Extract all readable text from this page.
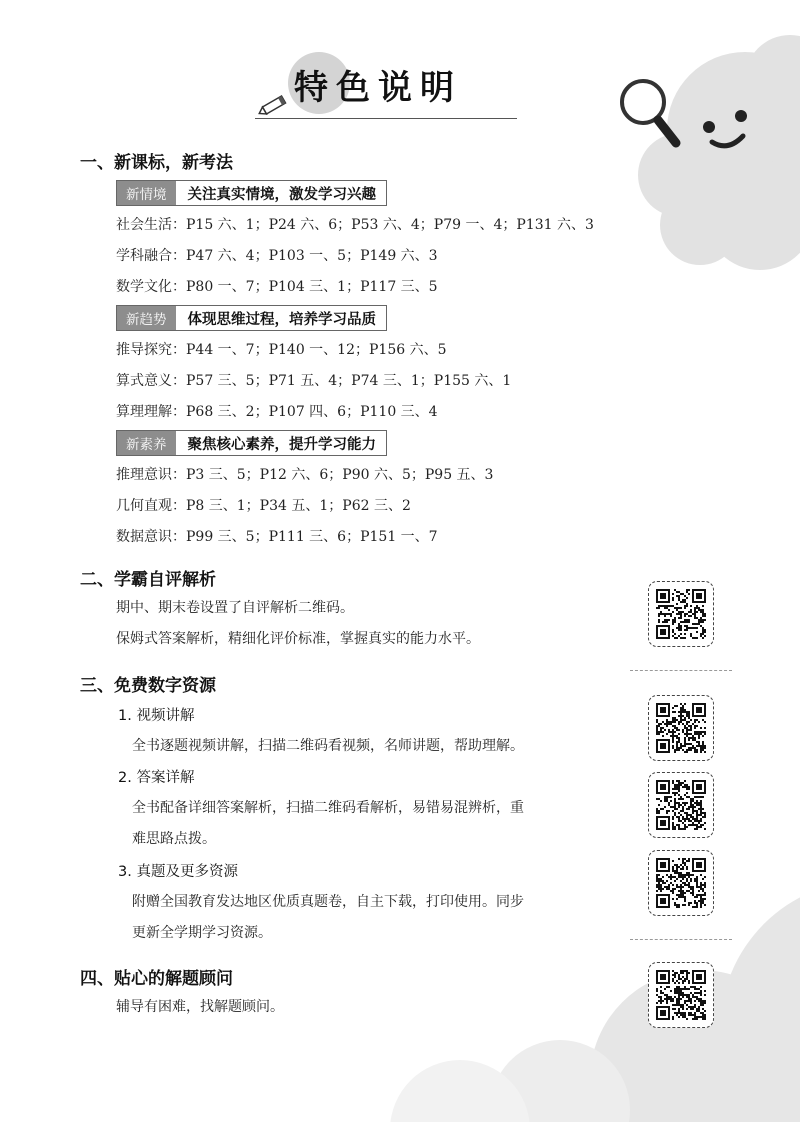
特色说明
一、新课标，新考法
新情境	关注真实情境，激发学习兴趣
社会生活：P15 六、1；P24 六、6；P53 六、4；P79 一、4；P131 六、3
学科融合：P47 六、4；P103 一、5；P149 六、3
数学文化：P80 一、7；P104 三、1；P117 三、5
新趋势	体现思维过程，培养学习品质
推导探究：P44 一、7；P140 一、12；P156 六、5
算式意义：P57 三、5；P71 五、4；P74 三、1；P155 六、1
算理理解：P68 三、2；P107 四、6；P110 三、4
新素养	聚焦核心素养，提升学习能力
推理意识：P3 三、5；P12 六、6；P90 六、5；P95 五、3
几何直观：P8 三、1；P34 五、1；P62 三、2
数据意识：P99 三、5；P111 三、6；P151 一、7
二、学霸自评解析
期中、期末卷设置了自评解析二维码。
保姆式答案解析，精细化评价标准，掌握真实的能力水平。
三、免费数字资源
1. 视频讲解
全书逐题视频讲解，扫描二维码看视频，名师讲题，帮助理解。
2. 答案详解
全书配备详细答案解析，扫描二维码看解析，易错易混辨析，重
难思路点拨。
3. 真题及更多资源
附赠全国教育发达地区优质真题卷，自主下载，打印使用。同步
更新全学期学习资源。
四、贴心的解题顾问
辅导有困难，找解题顾问。
